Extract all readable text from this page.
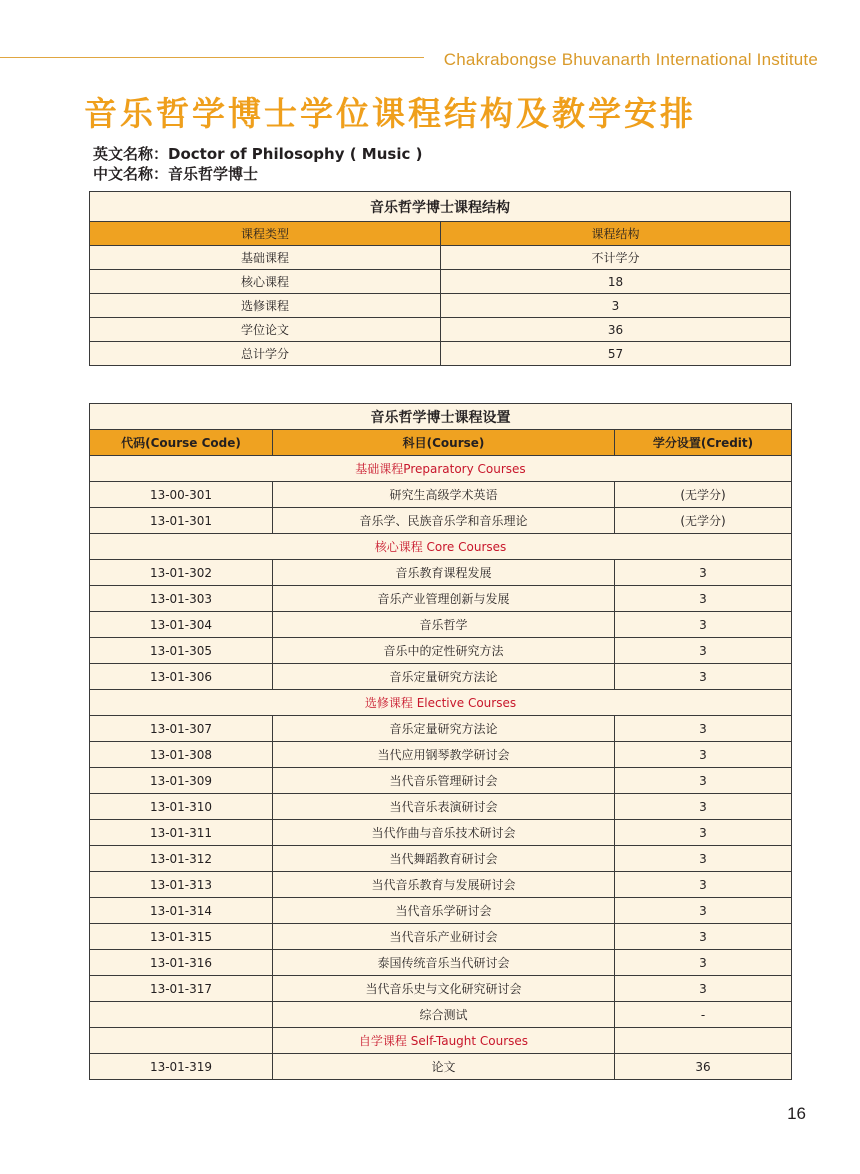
Chakrabongse Bhuvanarth International Institute
音乐哲学博士学位课程结构及教学安排
英文名称：Doctor of Philosophy ( Music )
中文名称：音乐哲学博士
音乐哲学博士课程结构	
课程类型	课程结构
基础课程	不计学分
核心课程	18
选修课程	3
学位论文	36
总计学分	57
音乐哲学博士课程设置		
代码(Course Code)	科目(Course)	学分设置(Credit)
基础课程Preparatory Courses		
13-00-301	研究生高级学术英语	(无学分)
13-01-301	音乐学、民族音乐学和音乐理论	(无学分)
核心课程 Core Courses		
13-01-302	音乐教育课程发展	3
13-01-303	音乐产业管理创新与发展	3
13-01-304	音乐哲学	3
13-01-305	音乐中的定性研究方法	3
13-01-306	音乐定量研究方法论	3
选修课程 Elective Courses		
13-01-307	音乐定量研究方法论	3
13-01-308	当代应用钢琴教学研讨会	3
13-01-309	当代音乐管理研讨会	3
13-01-310	当代音乐表演研讨会	3
13-01-311	当代作曲与音乐技术研讨会	3
13-01-312	当代舞蹈教育研讨会	3
13-01-313	当代音乐教育与发展研讨会	3
13-01-314	当代音乐学研讨会	3
13-01-315	当代音乐产业研讨会	3
13-01-316	泰国传统音乐当代研讨会	3
13-01-317	当代音乐史与文化研究研讨会	3
	综合测试	-
	自学课程 Self-Taught Courses	
13-01-319	论文	36
16
